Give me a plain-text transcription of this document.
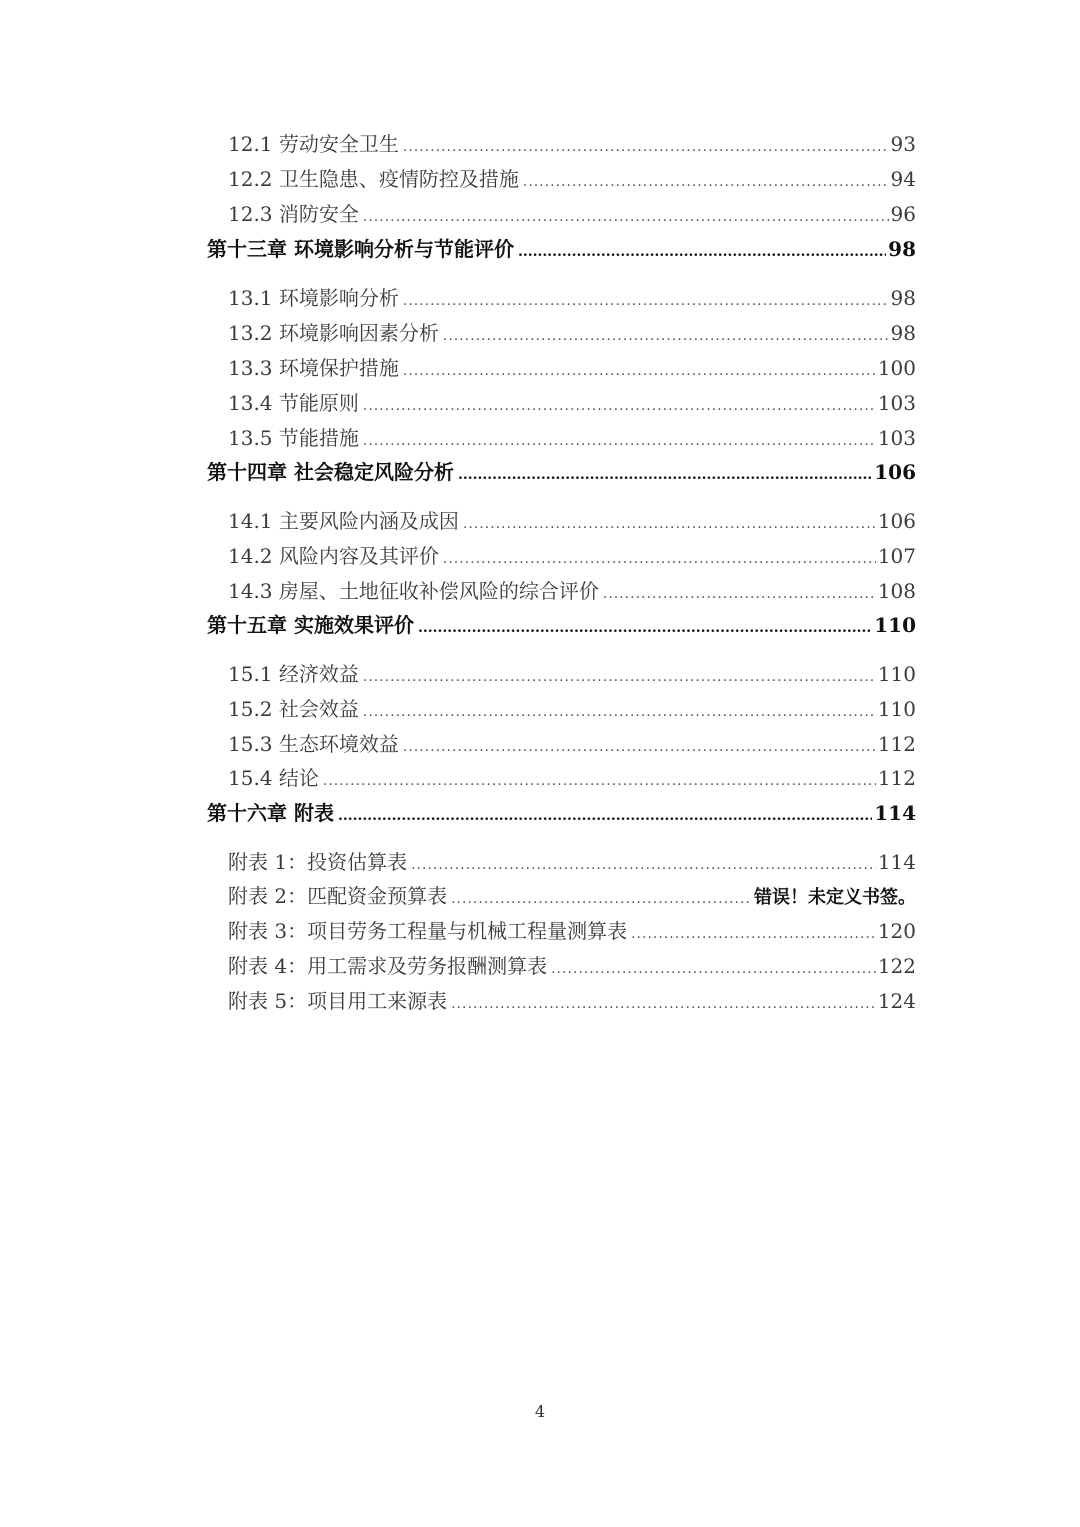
12.1 劳动安全卫生 .....	93
12.2 卫生隐患、疫情防控及措施 .....	94
12.3 消防安全 .....	96
第十三章 环境影响分析与节能评价 .....	98
13.1 环境影响分析 .....	98
13.2 环境影响因素分析 .....	98
13.3 环境保护措施 .....	100
13.4 节能原则 .....	103
13.5 节能措施 .....	103
第十四章 社会稳定风险分析 .....	106
14.1 主要风险内涵及成因 .....	106
14.2 风险内容及其评价 .....	107
14.3 房屋、土地征收补偿风险的综合评价 .....	108
第十五章 实施效果评价 .....	110
15.1 经济效益 .....	110
15.2 社会效益 .....	110
15.3 生态环境效益 .....	112
15.4 结论 .....	112
第十六章 附表 .....	114
附表 1：投资估算表 .....	114
附表 2：匹配资金预算表 .....	错误！未定义书签。
附表 3：项目劳务工程量与机械工程量测算表 .....	120
附表 4：用工需求及劳务报酬测算表 .....	122
附表 5：项目用工来源表 .....	124
4
